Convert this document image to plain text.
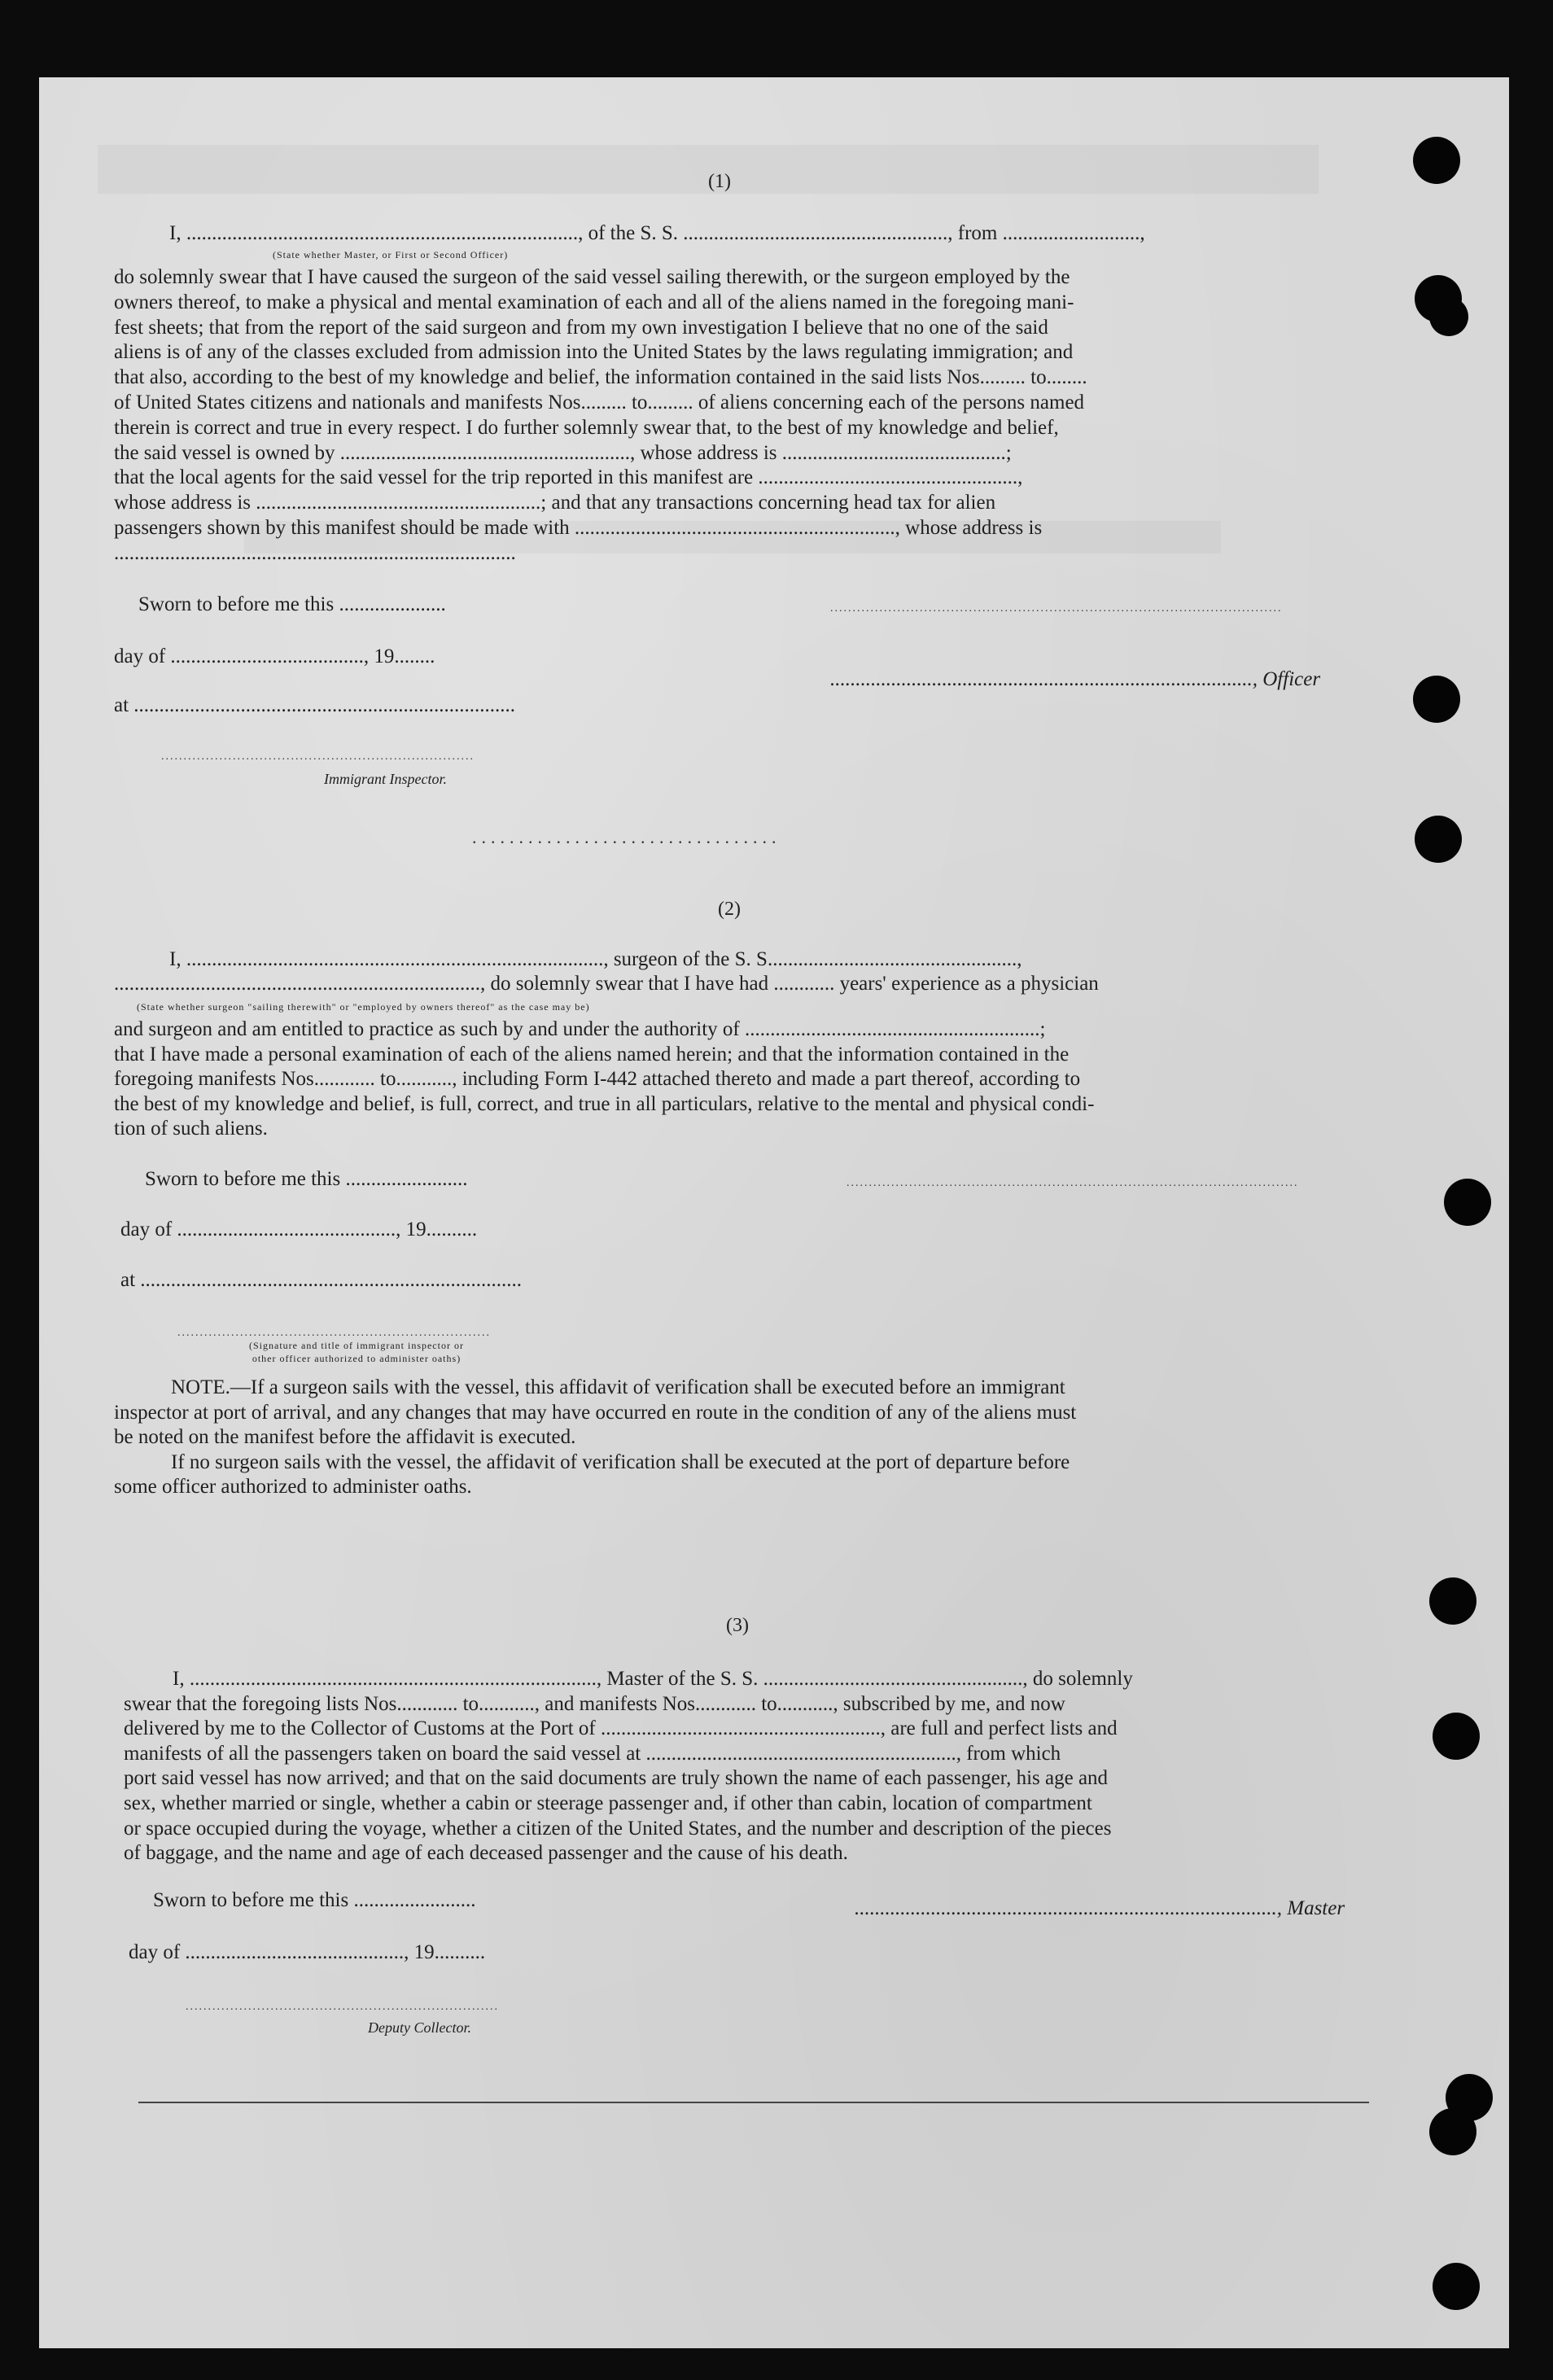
(1)
I, ............................................................................., of the S. S. ...................................................., from ...........................,
(State whether Master, or First or Second Officer)
do solemnly swear that I have caused the surgeon of the said vessel sailing therewith, or the surgeon employed by the
owners thereof, to make a physical and mental examination of each and all of the aliens named in the foregoing mani-
fest sheets; that from the report of the said surgeon and from my own investigation I believe that no one of the said
aliens is of any of the classes excluded from admission into the United States by the laws regulating immigration; and
that also, according to the best of my knowledge and belief, the information contained in the said lists Nos......... to........
of United States citizens and nationals and manifests Nos......... to......... of aliens concerning each of the persons named
therein is correct and true in every respect. I do further solemnly swear that, to the best of my knowledge and belief,
the said vessel is owned by ........................................................., whose address is ............................................;
that the local agents for the said vessel for the trip reported in this manifest are ...................................................,
whose address is ........................................................; and that any transactions concerning head tax for alien
passengers shown by this manifest should be made with ..............................................................., whose address is
...............................................................................
Sworn to before me this .....................	.....................................................................................................
day of ......................................, 19........
..................................................................................., Officer
at ...........................................................................
......................................................................
Immigrant Inspector.
.................................
(2)
I, .................................................................................., surgeon of the S. S.................................................,
........................................................................, do solemnly swear that I have had ............ years' experience as a physician
(State whether surgeon "sailing therewith" or "employed by owners thereof" as the case may be)
and surgeon and am entitled to practice as such by and under the authority of ..........................................................;
that I have made a personal examination of each of the aliens named herein; and that the information contained in the
foregoing manifests Nos............ to..........., including Form I-442 attached thereto and made a part thereof, according to
the best of my knowledge and belief, is full, correct, and true in all particulars, relative to the mental and physical condi-
tion of such aliens.
Sworn to before me this ........................	.....................................................................................................
day of ..........................................., 19..........
at ...........................................................................
......................................................................
(Signature and title of immigrant inspector or
other officer authorized to administer oaths)
NOTE.—If a surgeon sails with the vessel, this affidavit of verification shall be executed before an immigrant
inspector at port of arrival, and any changes that may have occurred en route in the condition of any of the aliens must
be noted on the manifest before the affidavit is executed.
If no surgeon sails with the vessel, the affidavit of verification shall be executed at the port of departure before
some officer authorized to administer oaths.
(3)
I, ................................................................................, Master of the S. S. ..................................................., do solemnly
swear that the foregoing lists Nos............ to..........., and manifests Nos............ to..........., subscribed by me, and now
delivered by me to the Collector of Customs at the Port of ......................................................., are full and perfect lists and
manifests of all the passengers taken on board the said vessel at ............................................................., from which
port said vessel has now arrived; and that on the said documents are truly shown the name of each passenger, his age and
sex, whether married or single, whether a cabin or steerage passenger and, if other than cabin, location of compartment
or space occupied during the voyage, whether a citizen of the United States, and the number and description of the pieces
of baggage, and the name and age of each deceased passenger and the cause of his death.
Sworn to before me this ........................	..................................................................................., Master
day of ..........................................., 19..........
......................................................................
Deputy Collector.
